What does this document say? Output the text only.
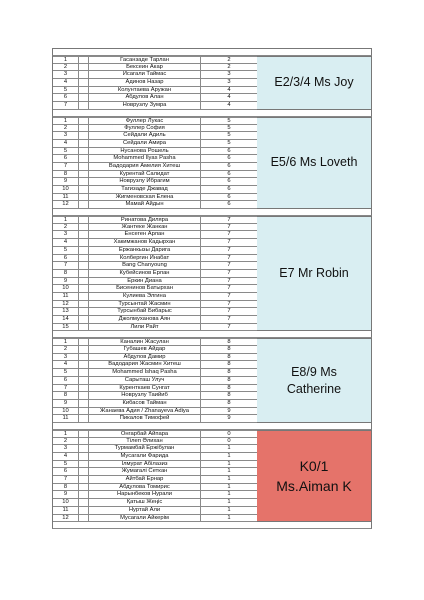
1	Гасанзаде Тарлан	2
2	Бексеин Акар	2
3	Исагали Таймас	3
4	Адинов Назар	3
5	Колунтаева Аружан	4
6	Абдулов Алан	4
7	Новрузлу Зумра	4
E2/3/4 Ms Joy
1	Фуллер Лукас	5
2	Фуллер София	5
3	Сейдали Адиль	5
4	Сейдали Амира	5
5	Нусанова Рошель	6
6	Mohammed Ilyas Pasha	6
7	Вадодария Амелия Хитеш	6
8	Курентай Салидат	6
9	Новрузлу Ибрагим	6
10	Тагизаде Джавад	6
11	Жигменовская Елена	6
12	Мамай Айдын	6
E5/6 Ms Loveth
1	Ринатова Диляра	7
2	Жантеке Жанкан	7
3	Енсеген Арлан	7
4	Хакимжанов Кадырхан	7
5	Ержанкызы Дарига	7
6	Колбергин Инабат	7
7	Bang Chanyoung	7
8	Кубейсинов Ерлан	7
9	Еркин Диана	7
10	Бисенинов Батырхан	7
11	Кулиева Элгина	7
12	Турсынтай Жасмин	7
13	Турсынбай Бибарыс	7
14	Джолмуханова Аян	7
15	Лили Райт	7
E7 Mr Robin
1	Каналин Жасулан	8
2	Губашев Айдар	8
3	Абдулов Дамир	8
4	Вадодария Жасмин Хитеш	8
5	Mohammed Ishaq Pasha	8
6	Сарыташ Улуч	8
7	Куренткаев Сунгат	8
8	Новрузлу Таийиб	8
9	Кибасов Тайман	8
10	Жанаева Адия / Zhanayeva Adiya	9
11	Пикалов Тимофей	9
E8/9 Ms
Catherine
1	Онгарбай Айпара	0
2	Тілеп Әлихан	0
3	Турмамбай Ержібулан	1
4	Мусагали Фарида	1
5	Ілмурат Абілазиз	1
6	Жумагалі Сеткан	1
7	Айтбай Ернар	1
8	Абдулова Томирис	1
9	Нарынбеков Нурали	1
10	Қатыш Жеңіс	1
11	Нуртай Али	1
12	Мусагали Айкерім	1
K0/1
Ms.Aiman K
